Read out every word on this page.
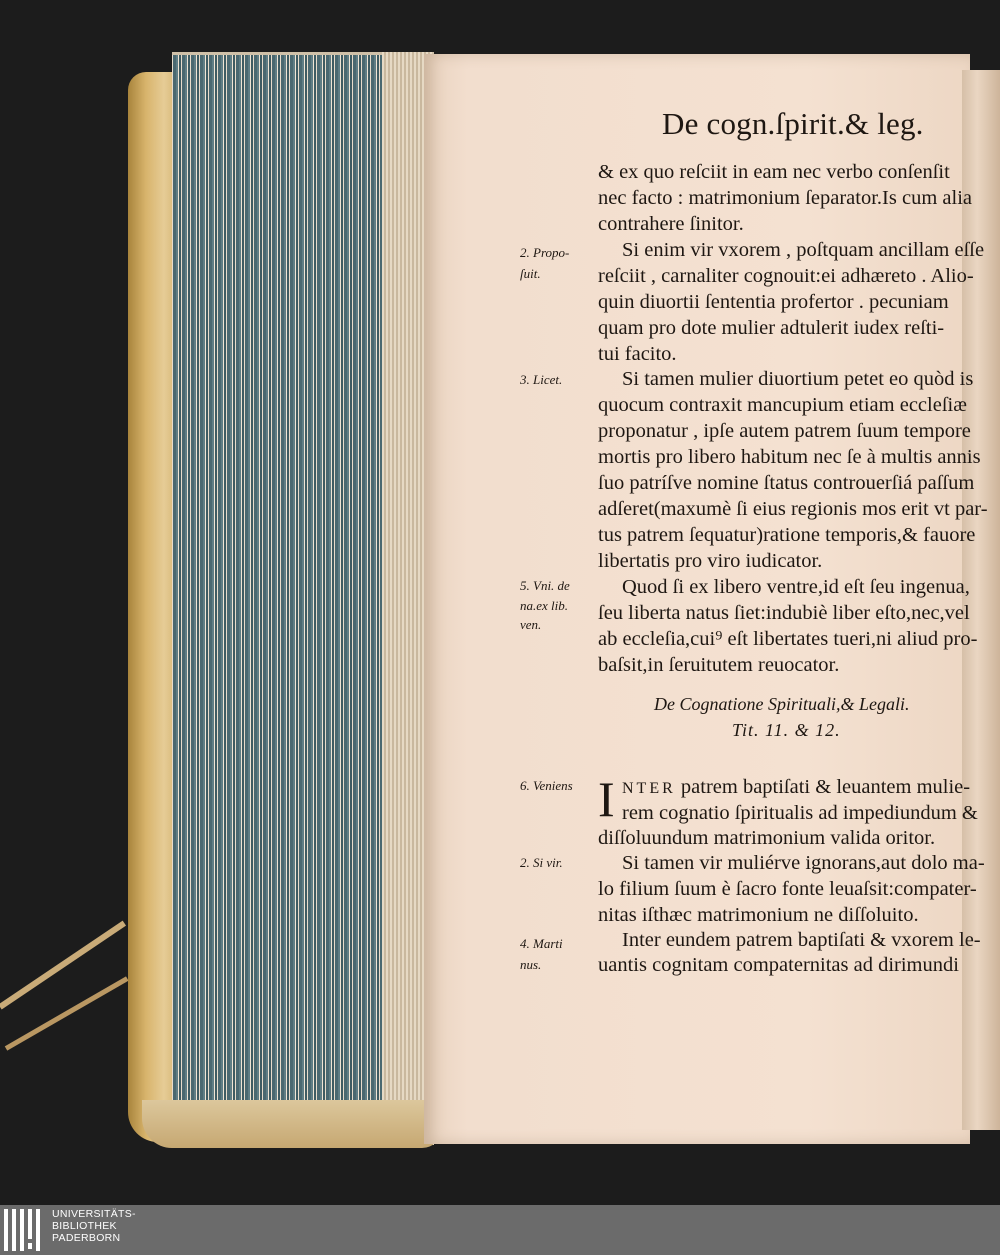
De cogn.ſpirit.& leg.
& ex quo reſciit in eam nec verbo conſenſit
nec facto : matrimonium ſeparator.Is cum alia
contrahere ſinitor.
Si enim vir vxorem , poſtquam ancillam eſſe
reſciit , carnaliter cognouit:ei adhæreto . Alio-
quin diuortii ſententia profertor . pecuniam
quam pro dote mulier adtulerit iudex reſti-
tui facito.
Si tamen mulier diuortium petet eo quòd is
quocum contraxit mancupium etiam eccleſiæ
proponatur , ipſe autem patrem ſuum tempore
mortis pro libero habitum nec ſe à multis annis
ſuo patríſve nomine ſtatus controuerſiá paſſum
adſeret(maxumè ſi eius regionis mos erit vt par-
tus patrem ſequatur)ratione temporis,& fauore
libertatis pro viro iudicator.
Quod ſi ex libero ventre,id eſt ſeu ingenua,
ſeu liberta natus ſiet:indubiè liber eſto,nec,vel
ab eccleſia,cui⁹ eſt libertates tueri,ni aliud pro-
baſsit,in ſeruitutem reuocator.
De Cognatione Spirituali,& Legali.
Tit. 11. & 12.
I NTER patrem baptiſati & leuantem mulie-
rem cognatio ſpiritualis ad impediundum &
diſſoluundum matrimonium valida oritor.
Si tamen vir muliérve ignorans,aut dolo ma-
lo filium ſuum è ſacro fonte leuaſsit:compater-
nitas iſthæc matrimonium ne diſſoluito.
Inter eundem patrem baptiſati & vxorem le-
uantis cognitam compaternitas ad dirimundi
2. Propo-
ſuit.
3. Licet.
5. Vni. de
na.ex lib.
ven.
6. Veniens
2. Si vir.
4. Marti
nus.
UNIVERSITÄTS-
BIBLIOTHEK
PADERBORN
